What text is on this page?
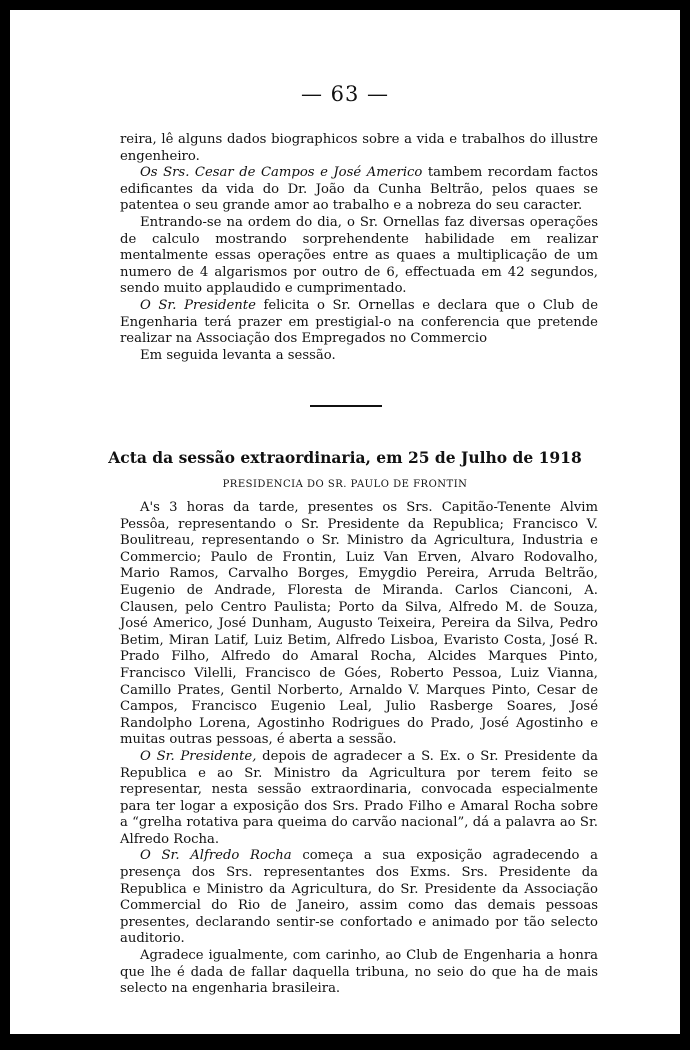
— 63 —

reira, lê alguns dados biographicos sobre a vida e trabalhos do illustre engenheiro.

Os Srs. Cesar de Campos e José Americo tambem recordam factos edificantes da vida do Dr. João da Cunha Beltrão, pelos quaes se patentea o seu grande amor ao trabalho e a nobreza do seu caracter.

Entrando-se na ordem do dia, o Sr. Ornellas faz diversas operações de calculo mostrando sorprehendente habilidade em realizar mentalmente essas operações entre as quaes a multiplicação de um numero de 4 algarismos por outro de 6, effectuada em 42 segundos, sendo muito applaudido e cumprimentado.

O Sr. Presidente felicita o Sr. Ornellas e declara que o Club de Engenharia terá prazer em prestigial-o na conferencia que pretende realizar na Associação dos Empregados no Commercio

Em seguida levanta a sessão.

Acta da sessão extraordinaria, em 25 de Julho de 1918
PRESIDENCIA DO SR. PAULO DE FRONTIN

A's 3 horas da tarde, presentes os Srs. Capitão-Tenente Alvim Pessôa, representando o Sr. Presidente da Republica; Francisco V. Boulitreau, representando o Sr. Ministro da Agricultura, Industria e Commercio; Paulo de Frontin, Luiz Van Erven, Alvaro Rodovalho, Mario Ramos, Carvalho Borges, Emygdio Pereira, Arruda Beltrão, Eugenio de Andrade, Floresta de Miranda. Carlos Cianconi, A. Clausen, pelo Centro Paulista; Porto da Silva, Alfredo M. de Souza, José Americo, José Dunham, Augusto Teixeira, Pereira da Silva, Pedro Betim, Miran Latif, Luiz Betim, Alfredo Lisboa, Evaristo Costa, José R. Prado Filho, Alfredo do Amaral Rocha, Alcides Marques Pinto, Francisco Vilelli, Francisco de Góes, Roberto Pessoa, Luiz Vianna, Camillo Prates, Gentil Norberto, Arnaldo V. Marques Pinto, Cesar de Campos, Francisco Eugenio Leal, Julio Rasberge Soares, José Randolpho Lorena, Agostinho Rodrigues do Prado, José Agostinho e muitas outras pessoas, é aberta a sessão.

O Sr. Presidente, depois de agradecer a S. Ex. o Sr. Presidente da Republica e ao Sr. Ministro da Agricultura por terem feito se representar, nesta sessão extraordinaria, convocada especialmente para ter logar a exposição dos Srs. Prado Filho e Amaral Rocha sobre a “grelha rotativa para queima do carvão nacional”, dá a palavra ao Sr. Alfredo Rocha.

O Sr. Alfredo Rocha começa a sua exposição agradecendo a presença dos Srs. representantes dos Exms. Srs. Presidente da Republica e Ministro da Agricultura, do Sr. Presidente da Associação Commercial do Rio de Janeiro, assim como das demais pessoas presentes, declarando sentir-se confortado e animado por tão selecto auditorio.

Agradece igualmente, com carinho, ao Club de Engenharia a honra que lhe é dada de fallar daquella tribuna, no seio do que ha de mais selecto na engenharia brasileira.
